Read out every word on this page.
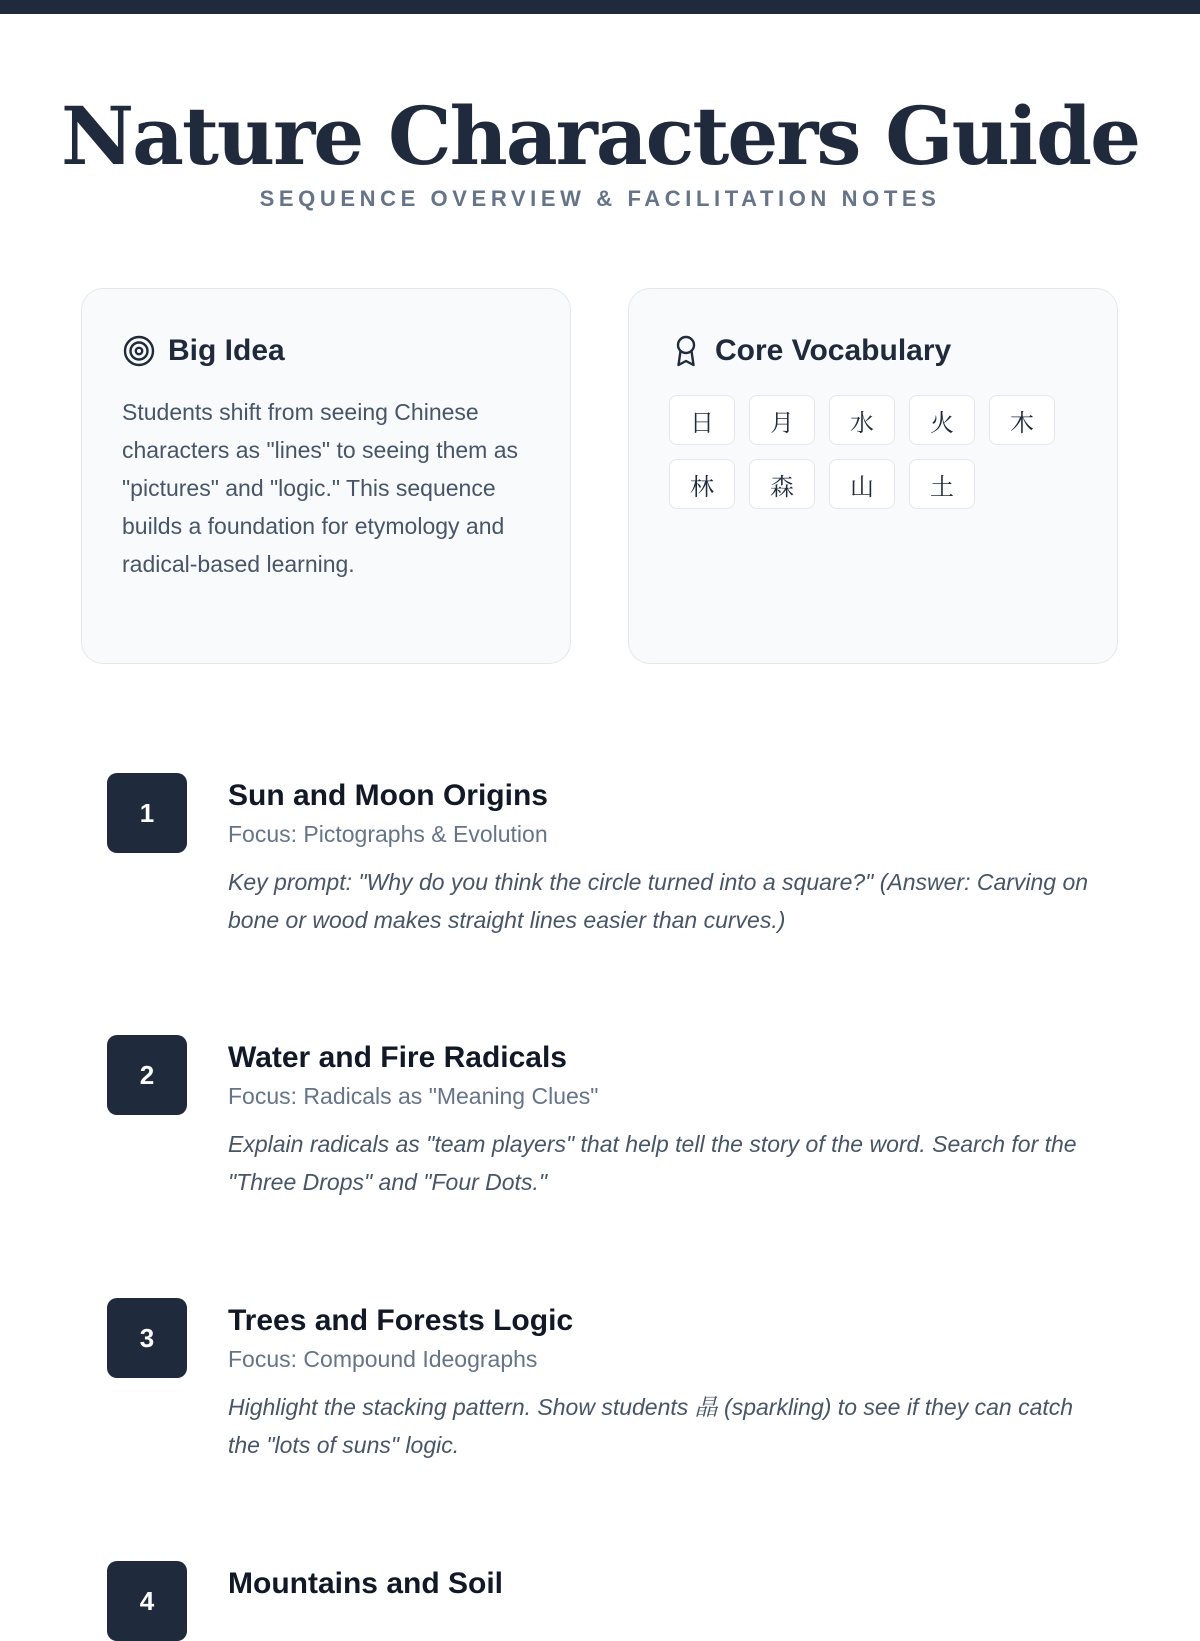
Nature Characters Guide
SEQUENCE OVERVIEW & FACILITATION NOTES
Big Idea
Students shift from seeing Chinese characters as "lines" to seeing them as "pictures" and "logic." This sequence builds a foundation for etymology and radical-based learning.
Core Vocabulary
日	月	水	火	木
林	森	山	土
1
Sun and Moon Origins
Focus: Pictographs & Evolution
Key prompt: "Why do you think the circle turned into a square?" (Answer: Carving on bone or wood makes straight lines easier than curves.)
2
Water and Fire Radicals
Focus: Radicals as "Meaning Clues"
Explain radicals as "team players" that help tell the story of the word. Search for the "Three Drops" and "Four Dots."
3
Trees and Forests Logic
Focus: Compound Ideographs
Highlight the stacking pattern. Show students 晶 (sparkling) to see if they can catch the "lots of suns" logic.
4
Mountains and Soil
